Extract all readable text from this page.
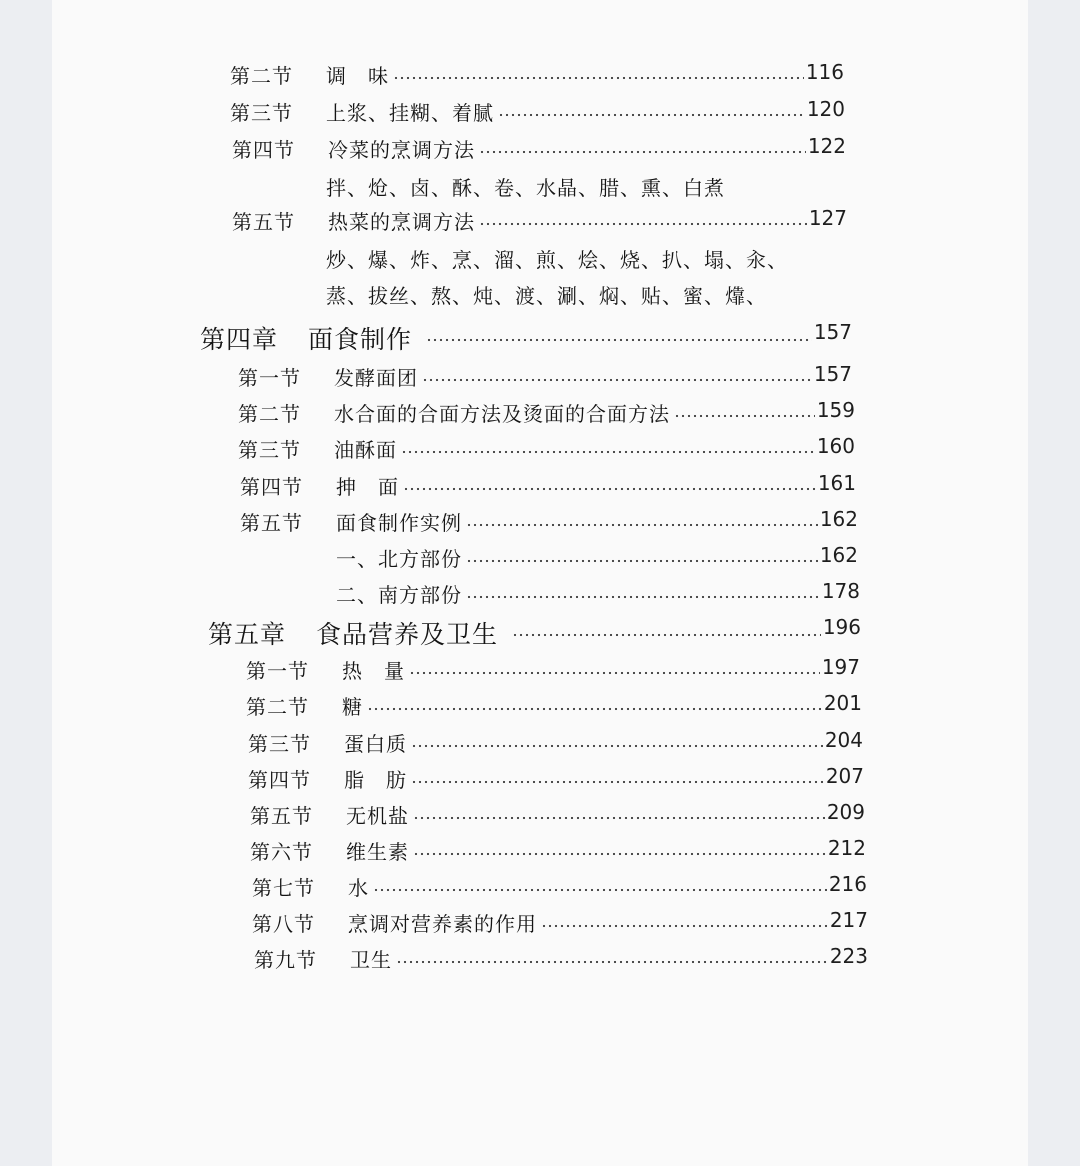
第二节 调　味	116
第三节 上浆、挂糊、着腻	120
第四节 冷菜的烹调方法	122
拌、炝、卤、酥、卷、水晶、腊、熏、白煮
第五节 热菜的烹调方法	127
炒、爆、炸、烹、溜、煎、烩、烧、扒、塌、汆、
蒸、拔丝、熬、炖、渡、涮、焖、贴、蜜、㸆、
第四章 面食制作	157
第一节 发酵面团	157
第二节 水合面的合面方法及烫面的合面方法	159
第三节 油酥面	160
第四节 抻　面	161
第五节 面食制作实例	162
一、北方部份	162
二、南方部份	178
第五章 食品营养及卫生	196
第一节 热　量	197
第二节 糖	201
第三节 蛋白质	204
第四节 脂　肪	207
第五节 无机盐	209
第六节 维生素	212
第七节 水	216
第八节 烹调对营养素的作用	217
第九节 卫生	223
